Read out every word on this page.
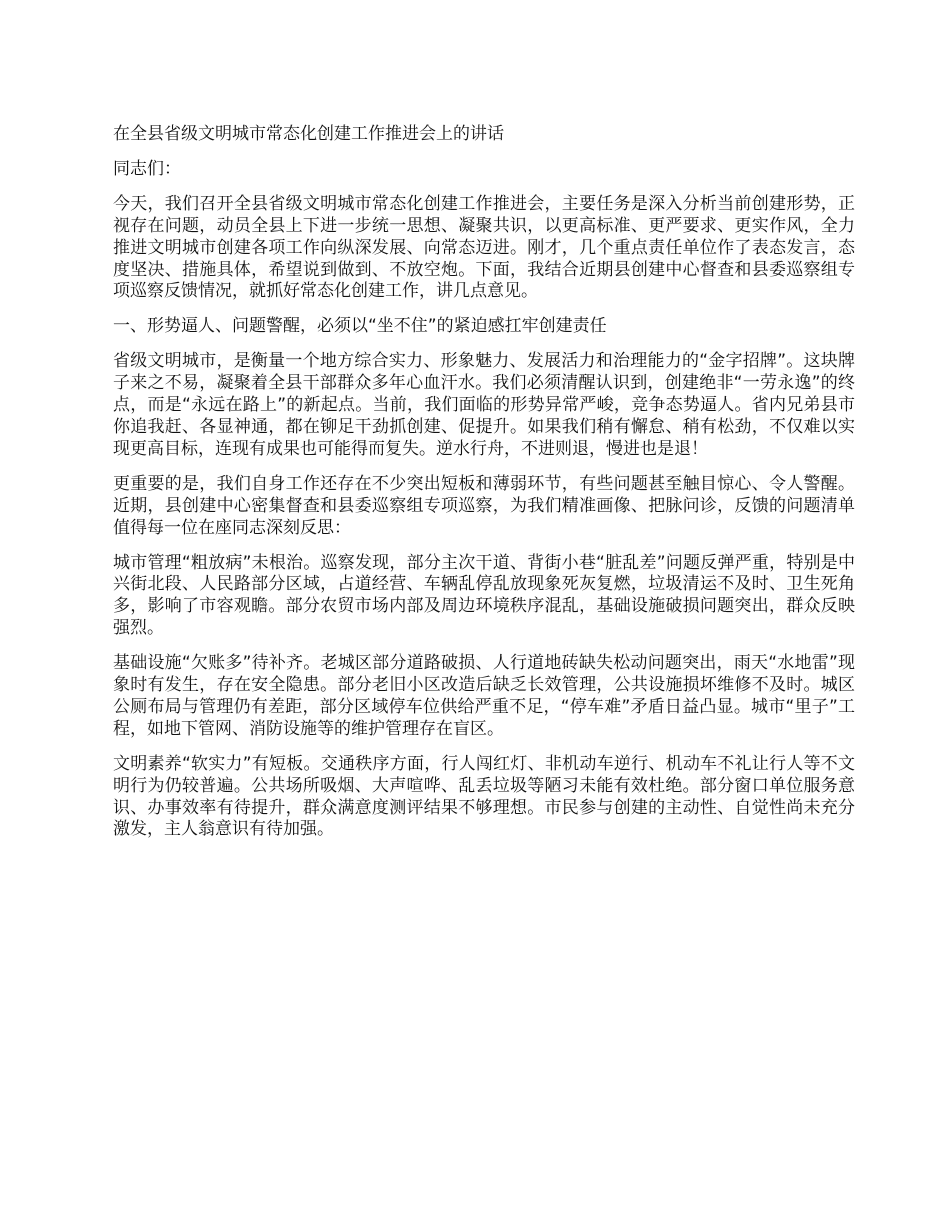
在全县省级文明城市常态化创建工作推进会上的讲话

同志们：

今天，我们召开全县省级文明城市常态化创建工作推进会，主要任务是深入分析当前创建形势，正视存在问题，动员全县上下进一步统一思想、凝聚共识，以更高标准、更严要求、更实作风，全力推进文明城市创建各项工作向纵深发展、向常态迈进。刚才，几个重点责任单位作了表态发言，态度坚决、措施具体，希望说到做到、不放空炮。下面，我结合近期县创建中心督查和县委巡察组专项巡察反馈情况，就抓好常态化创建工作，讲几点意见。

一、形势逼人、问题警醒，必须以“坐不住”的紧迫感扛牢创建责任

省级文明城市，是衡量一个地方综合实力、形象魅力、发展活力和治理能力的“金字招牌”。这块牌子来之不易，凝聚着全县干部群众多年心血汗水。我们必须清醒认识到，创建绝非“一劳永逸”的终点，而是“永远在路上”的新起点。当前，我们面临的形势异常严峻，竞争态势逼人。省内兄弟县市你追我赶、各显神通，都在铆足干劲抓创建、促提升。如果我们稍有懈怠、稍有松劲，不仅难以实现更高目标，连现有成果也可能得而复失。逆水行舟，不进则退，慢进也是退！

更重要的是，我们自身工作还存在不少突出短板和薄弱环节，有些问题甚至触目惊心、令人警醒。近期，县创建中心密集督查和县委巡察组专项巡察，为我们精准画像、把脉问诊，反馈的问题清单值得每一位在座同志深刻反思：

城市管理“粗放病”未根治。巡察发现，部分主次干道、背街小巷“脏乱差”问题反弹严重，特别是中兴街北段、人民路部分区域，占道经营、车辆乱停乱放现象死灰复燃，垃圾清运不及时、卫生死角多，影响了市容观瞻。部分农贸市场内部及周边环境秩序混乱，基础设施破损问题突出，群众反映强烈。

基础设施“欠账多”待补齐。老城区部分道路破损、人行道地砖缺失松动问题突出，雨天“水地雷”现象时有发生，存在安全隐患。部分老旧小区改造后缺乏长效管理，公共设施损坏维修不及时。城区公厕布局与管理仍有差距，部分区域停车位供给严重不足，“停车难”矛盾日益凸显。城市“里子”工程，如地下管网、消防设施等的维护管理存在盲区。

文明素养“软实力”有短板。交通秩序方面，行人闯红灯、非机动车逆行、机动车不礼让行人等不文明行为仍较普遍。公共场所吸烟、大声喧哗、乱丢垃圾等陋习未能有效杜绝。部分窗口单位服务意识、办事效率有待提升，群众满意度测评结果不够理想。市民参与创建的主动性、自觉性尚未充分激发，主人翁意识有待加强。
